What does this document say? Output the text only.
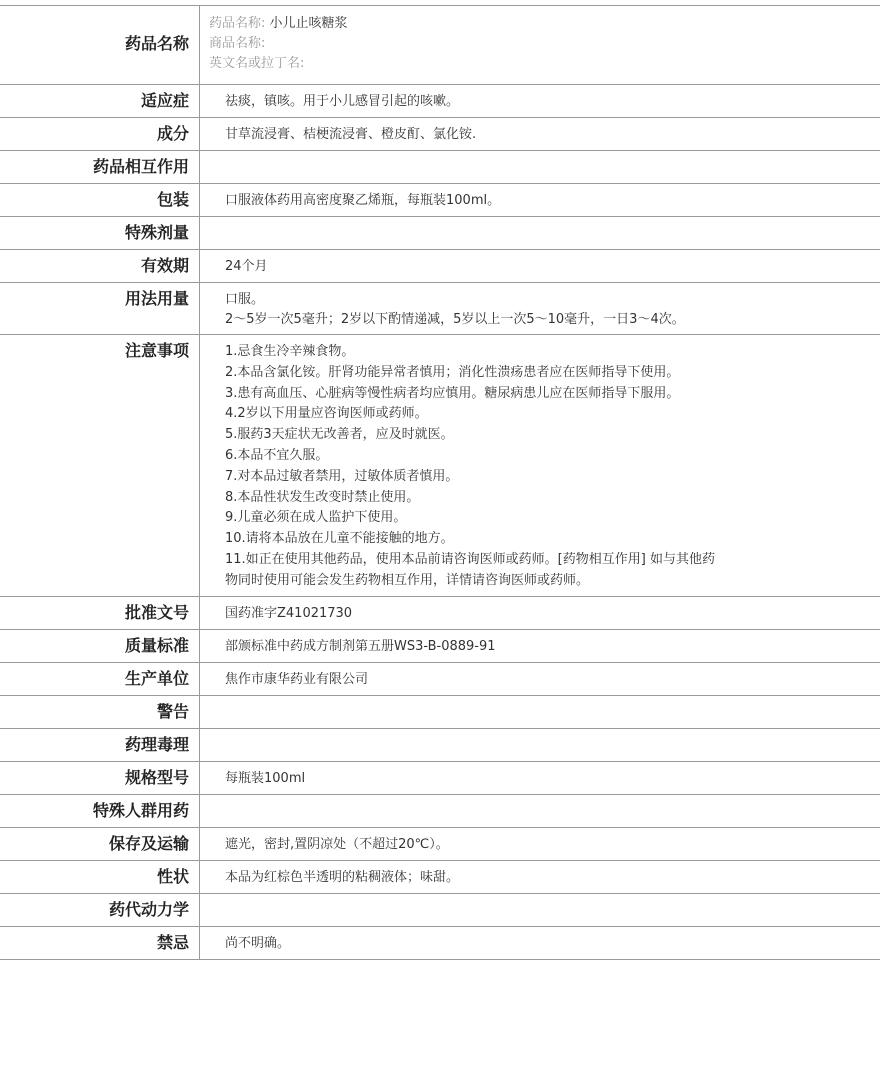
药品名称
药品名称: 小儿止咳糖浆
商品名称:
英文名或拉丁名:
适应症	祛痰，镇咳。用于小儿感冒引起的咳嗽。
成分	甘草流浸膏、桔梗流浸膏、橙皮酊、氯化铵.
药品相互作用
包装	口服液体药用高密度聚乙烯瓶，每瓶装100ml。
特殊剂量
有效期	24个月
用法用量	口服。
2～5岁一次5毫升；2岁以下酌情递减，5岁以上一次5～10毫升，一日3～4次。
注意事项	1.忌食生冷辛辣食物。
2.本品含氯化铵。肝肾功能异常者慎用；消化性溃疡患者应在医师指导下使用。
3.患有高血压、心脏病等慢性病者均应慎用。糖尿病患儿应在医师指导下服用。
4.2岁以下用量应咨询医师或药师。
5.服药3天症状无改善者，应及时就医。
6.本品不宜久服。
7.对本品过敏者禁用，过敏体质者慎用。
8.本品性状发生改变时禁止使用。
9.儿童必须在成人监护下使用。
10.请将本品放在儿童不能接触的地方。
11.如正在使用其他药品，使用本品前请咨询医师或药师。[药物相互作用] 如与其他药
物同时使用可能会发生药物相互作用，详情请咨询医师或药师。
批准文号	国药准字Z41021730
质量标准	部颁标准中药成方制剂第五册WS3-B-0889-91
生产单位	焦作市康华药业有限公司
警告
药理毒理
规格型号	每瓶装100ml
特殊人群用药
保存及运输	遮光，密封,置阴凉处（不超过20℃）。
性状	本品为红棕色半透明的粘稠液体；味甜。
药代动力学
禁忌	尚不明确。
